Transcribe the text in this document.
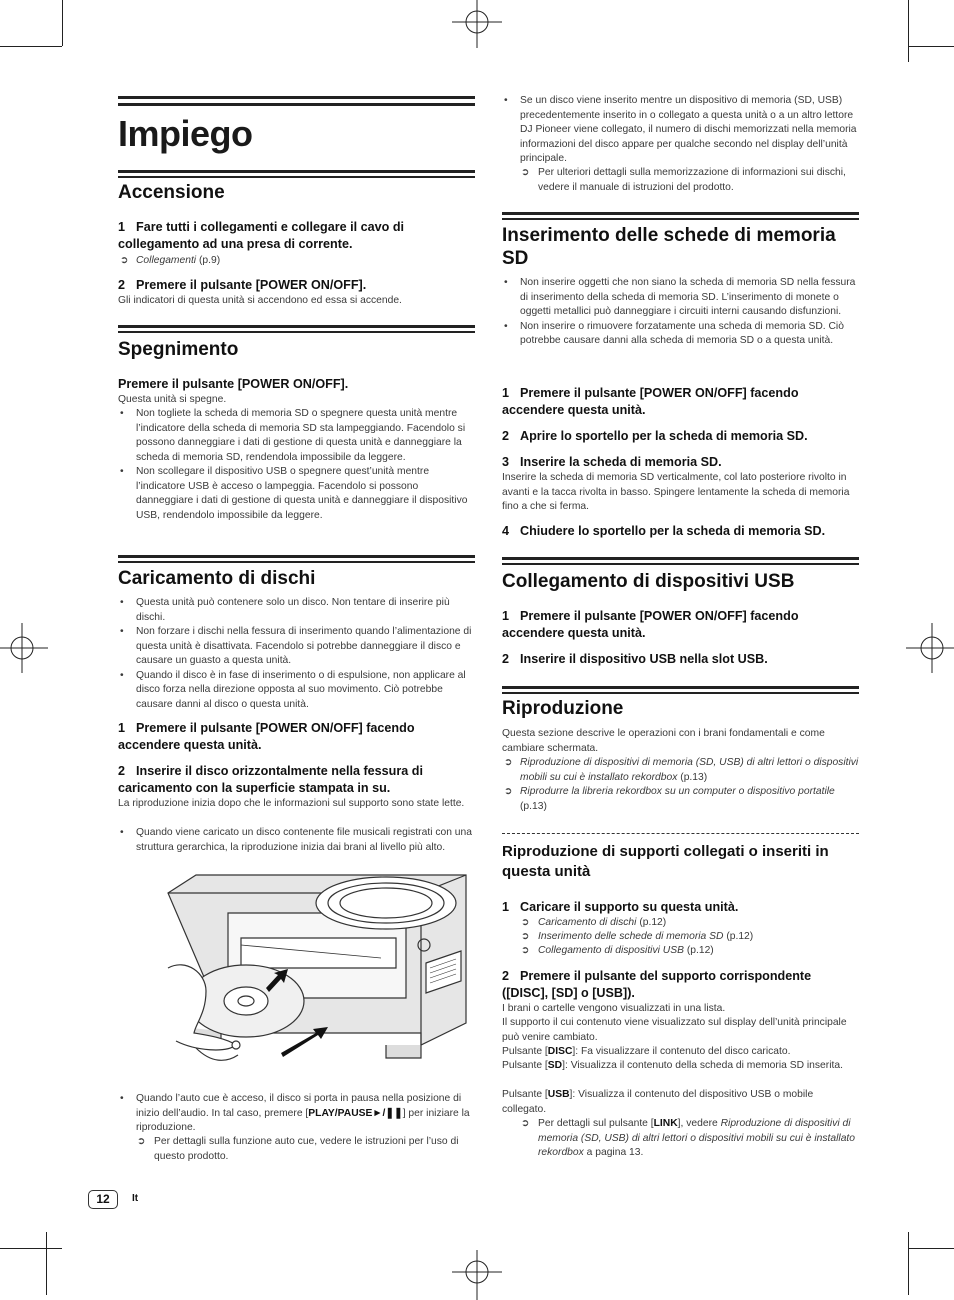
Impiego
Accensione

1 Fare tutti i collegamenti e collegare il cavo di collegamento ad una presa di corrente.

➲ Collegamenti (p.9)

2 Premere il pulsante [POWER ON/OFF].

Gli indicatori di questa unità si accendono ed essa si accende.

Spegnimento

Premere il pulsante [POWER ON/OFF].

Questa unità si spegne.

• Non togliete la scheda di memoria SD o spegnere questa unità mentre l’indicatore della scheda di memoria SD sta lampeggiando. Facendolo si possono danneggiare i dati di gestione di questa unità e danneggiare la scheda di memoria SD, rendendola impossibile da leggere.
• Non scollegare il dispositivo USB o spegnere quest’unità mentre l’indicatore USB è acceso o lampeggia. Facendolo si possono danneggiare i dati di gestione di questa unità e danneggiare il dispositivo USB, rendendolo impossibile da leggere.
Caricamento di dischi
• Questa unità può contenere solo un disco. Non tentare di inserire più dischi.
• Non forzare i dischi nella fessura di inserimento quando l’alimentazione di questa unità è disattivata. Facendolo si potrebbe danneggiare il disco e causare un guasto a questa unità.
• Quando il disco è in fase di inserimento o di espulsione, non applicare al disco forza nella direzione opposta al suo movimento. Ciò potrebbe causare danni al disco o questa unità.

1 Premere il pulsante [POWER ON/OFF] facendo accendere questa unità.

2 Inserire il disco orizzontalmente nella fessura di caricamento con la superficie stampata in su.

La riproduzione inizia dopo che le informazioni sul supporto sono state lette.

• Quando viene caricato un disco contenente file musicali registrati con una struttura gerarchica, la riproduzione inizia dai brani al livello più alto.
• Quando l’auto cue è acceso, il disco si porta in pausa nella posizione di inizio dell’audio. In tal caso, premere [PLAY/PAUSE►/❚❚] per iniziare la riproduzione.

➲ Per dettagli sulla funzione auto cue, vedere le istruzioni per l’uso di questo prodotto.

• Se un disco viene inserito mentre un dispositivo di memoria (SD, USB) precedentemente inserito in o collegato a questa unità o a un altro lettore DJ Pioneer viene collegato, il numero di dischi memorizzati nella memoria informazioni del disco appare per qualche secondo nel display dell’unità principale.

➲ Per ulteriori dettagli sulla memorizzazione di informazioni sui dischi, vedere il manuale di istruzioni del prodotto.

Inserimento delle schede di memoria SD
• Non inserire oggetti che non siano la scheda di memoria SD nella fessura di inserimento della scheda di memoria SD. L’inserimento di monete o oggetti metallici può danneggiare i circuiti interni causando disfunzioni.
• Non inserire o rimuovere forzatamente una scheda di memoria SD. Ciò potrebbe causare danni alla scheda di memoria SD o a questa unità.

1 Premere il pulsante [POWER ON/OFF] facendo accendere questa unità.

2 Aprire lo sportello per la scheda di memoria SD.

3 Inserire la scheda di memoria SD.

Inserire la scheda di memoria SD verticalmente, col lato posteriore rivolto in avanti e la tacca rivolta in basso. Spingere lentamente la scheda di memoria fino a che si ferma.

4 Chiudere lo sportello per la scheda di memoria SD.

Collegamento di dispositivi USB

1 Premere il pulsante [POWER ON/OFF] facendo accendere questa unità.

2 Inserire il dispositivo USB nella slot USB.

Riproduzione

Questa sezione descrive le operazioni con i brani fondamentali e come cambiare schermata.

➲ Riproduzione di dispositivi di memoria (SD, USB) di altri lettori o dispositivi mobili su cui è installato rekordbox (p.13)

➲ Riprodurre la libreria rekordbox su un computer o dispositivo portatile (p.13)

Riproduzione di supporti collegati o inseriti in questa unità

1 Caricare il supporto su questa unità.

➲ Caricamento di dischi (p.12)

➲ Inserimento delle schede di memoria SD (p.12)

➲ Collegamento di dispositivi USB (p.12)

2 Premere il pulsante del supporto corrispondente ([DISC], [SD] o [USB]).

I brani o cartelle vengono visualizzati in una lista.

Il supporto il cui contenuto viene visualizzato sul display dell’unità principale può venire cambiato.

Pulsante [DISC]: Fa visualizzare il contenuto del disco caricato.

Pulsante [SD]: Visualizza il contenuto della scheda di memoria SD inserita.

Pulsante [USB]: Visualizza il contenuto del dispositivo USB o mobile collegato.

➲ Per dettagli sul pulsante [LINK], vedere Riproduzione di dispositivi di memoria (SD, USB) di altri lettori o dispositivi mobili su cui è installato rekordbox a pagina 13.

12	It
